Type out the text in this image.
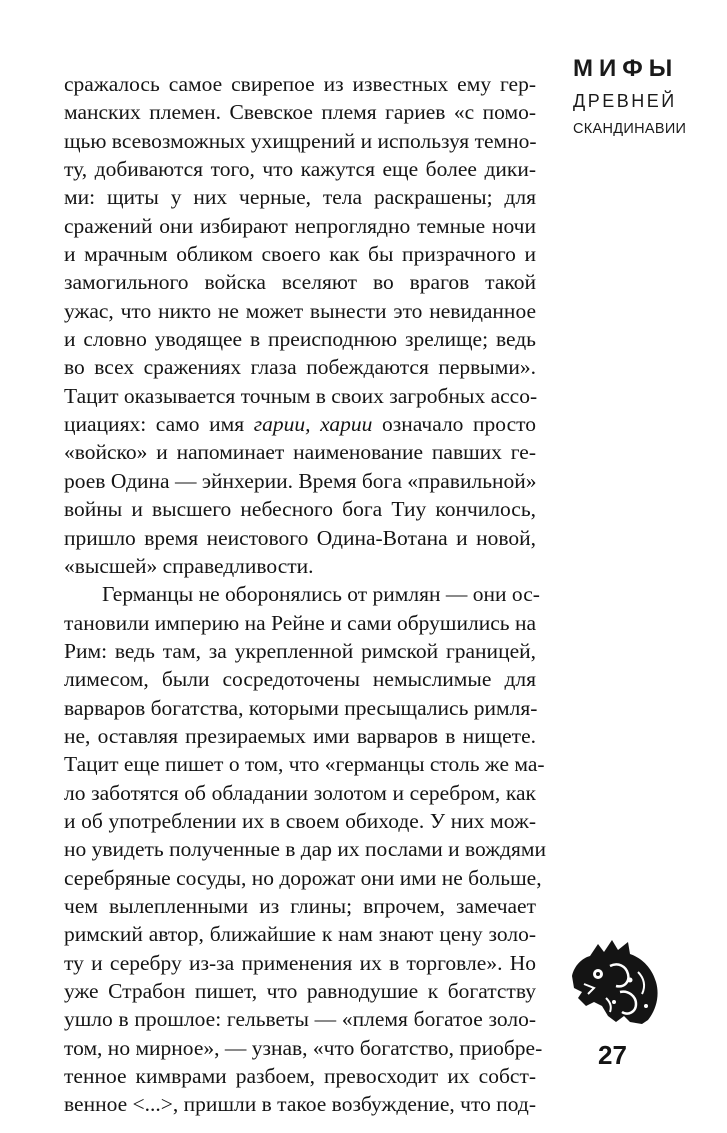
МИФЫ
ДРЕВНЕЙ
СКАНДИНАВИИ
сражалось самое свирепое из известных ему гер-
манских племен. Свевское племя гариев «с помо-
щью всевозможных ухищрений и используя темно-
ту, добиваются того, что кажутся еще более дики-
ми: щиты у них черные, тела раскрашены; для
сражений они избирают непроглядно темные ночи
и мрачным обликом своего как бы призрачного и
замогильного войска вселяют во врагов такой
ужас, что никто не может вынести это невиданное
и словно уводящее в преисподнюю зрелище; ведь
во всех сражениях глаза побеждаются первыми».
Тацит оказывается точным в своих загробных ассо-
циациях: само имя гарии, харии означало просто
«войско» и напоминает наименование павших ге-
роев Одина — эйнхерии. Время бога «правильной»
войны и высшего небесного бога Тиу кончилось,
пришло время неистового Одина-Вотана и новой,
«высшей» справедливости.
Германцы не оборонялись от римлян — они ос-
тановили империю на Рейне и сами обрушились на
Рим: ведь там, за укрепленной римской границей,
лимесом, были сосредоточены немыслимые для
варваров богатства, которыми пресыщались римля-
не, оставляя презираемых ими варваров в нищете.
Тацит еще пишет о том, что «германцы столь же ма-
ло заботятся об обладании золотом и серебром, как
и об употреблении их в своем обиходе. У них мож-
но увидеть полученные в дар их послами и вождями
серебряные сосуды, но дорожат они ими не больше,
чем вылепленными из глины; впрочем, замечает
римский автор, ближайшие к нам знают цену золо-
ту и серебру из-за применения их в торговле». Но
уже Страбон пишет, что равнодушие к богатству
ушло в прошлое: гельветы — «племя богатое золо-
том, но мирное», — узнав, «что богатство, приобре-
тенное кимврами разбоем, превосходит их собст-
венное <...>, пришли в такое возбуждение, что под-
27
